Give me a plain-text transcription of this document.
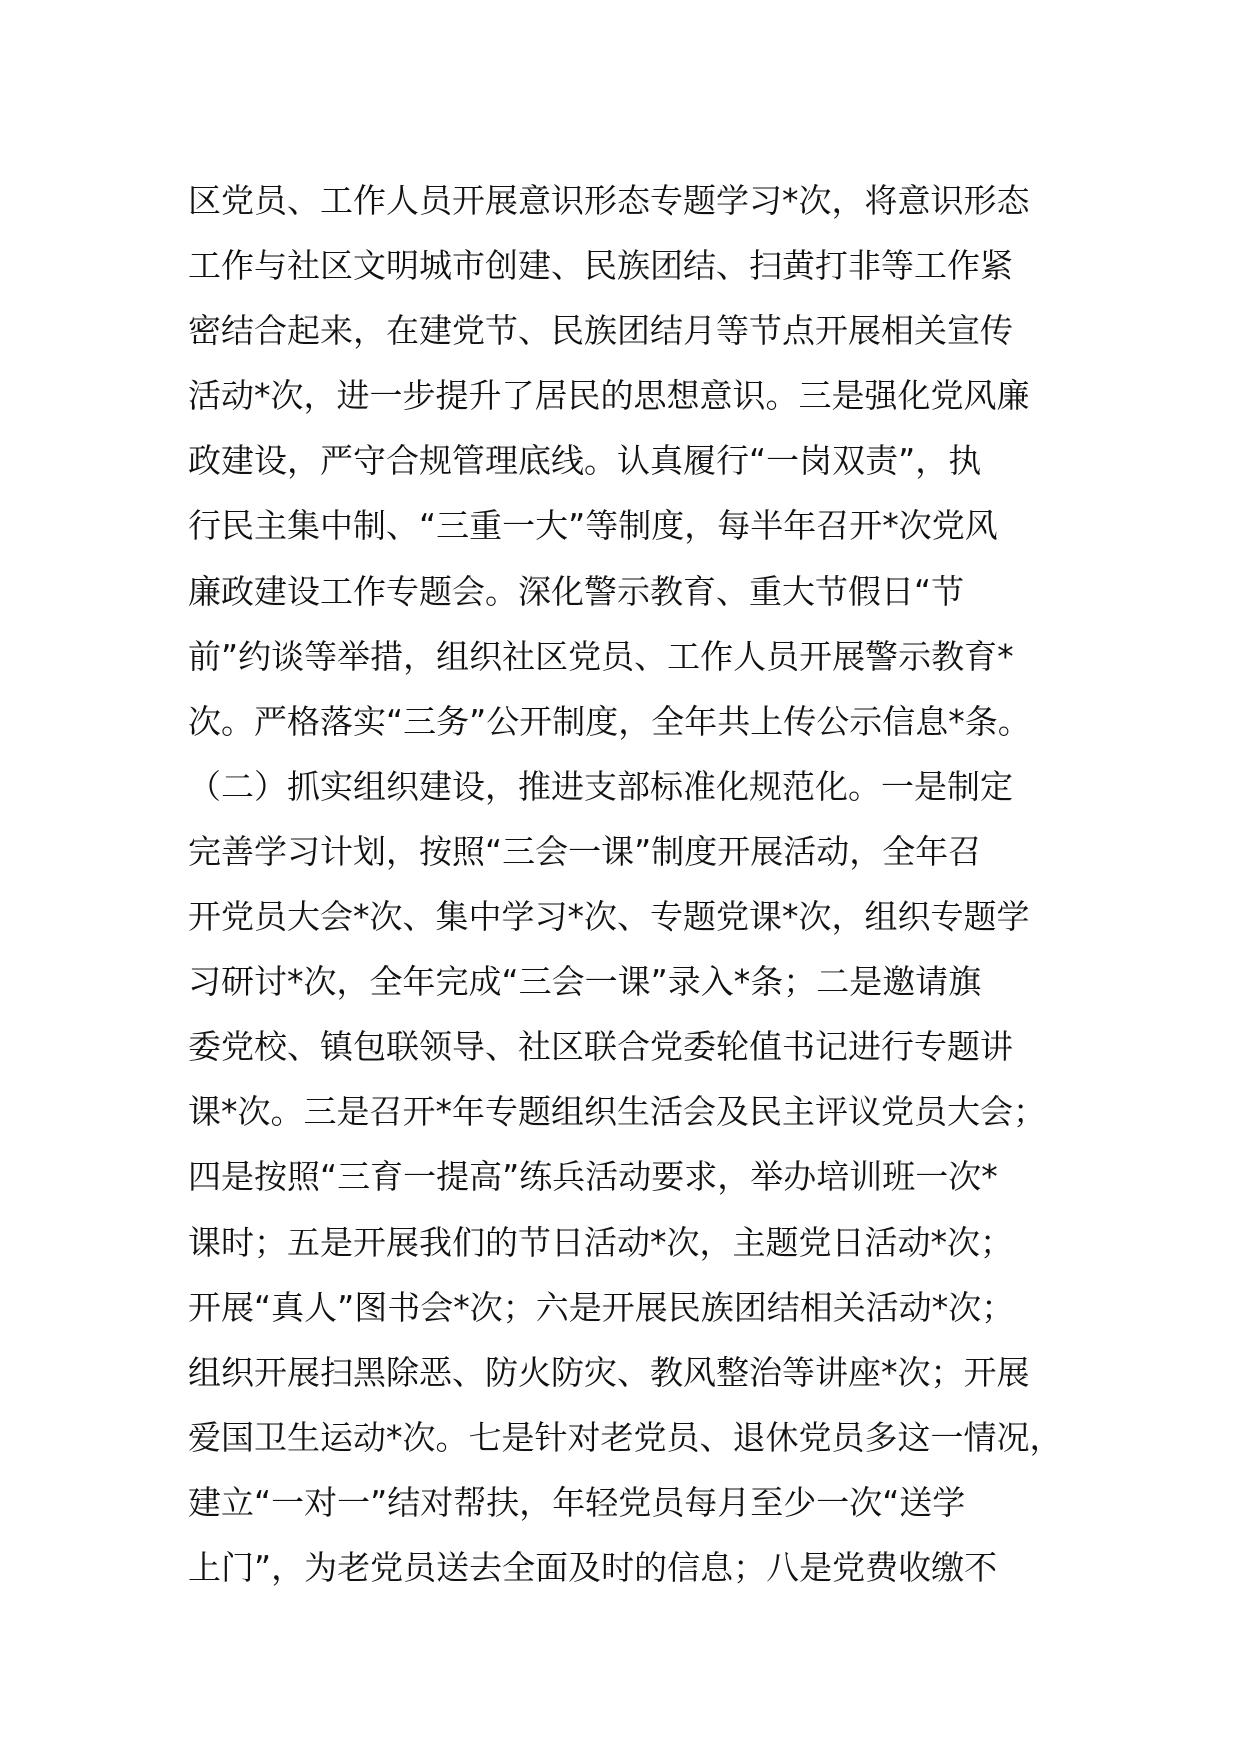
区党员、工作人员开展意识形态专题学习*次，将意识形态
工作与社区文明城市创建、民族团结、扫黄打非等工作紧
密结合起来，在建党节、民族团结月等节点开展相关宣传
活动*次，进一步提升了居民的思想意识。三是强化党风廉
政建设，严守合规管理底线。认真履行“一岗双责”，执
行民主集中制、“三重一大”等制度，每半年召开*次党风
廉政建设工作专题会。深化警示教育、重大节假日“节
前”约谈等举措，组织社区党员、工作人员开展警示教育*
次。严格落实“三务”公开制度，全年共上传公示信息*条。
（二）抓实组织建设，推进支部标准化规范化。一是制定
完善学习计划，按照“三会一课”制度开展活动，全年召
开党员大会*次、集中学习*次、专题党课*次，组织专题学
习研讨*次，全年完成“三会一课”录入*条；二是邀请旗
委党校、镇包联领导、社区联合党委轮值书记进行专题讲
课*次。三是召开*年专题组织生活会及民主评议党员大会；
四是按照“三育一提高”练兵活动要求，举办培训班一次*
课时；五是开展我们的节日活动*次，主题党日活动*次；
开展“真人”图书会*次；六是开展民族团结相关活动*次；
组织开展扫黑除恶、防火防灾、教风整治等讲座*次；开展
爱国卫生运动*次。七是针对老党员、退休党员多这一情况，
建立“一对一”结对帮扶，年轻党员每月至少一次“送学
上门”，为老党员送去全面及时的信息；八是党费收缴不
